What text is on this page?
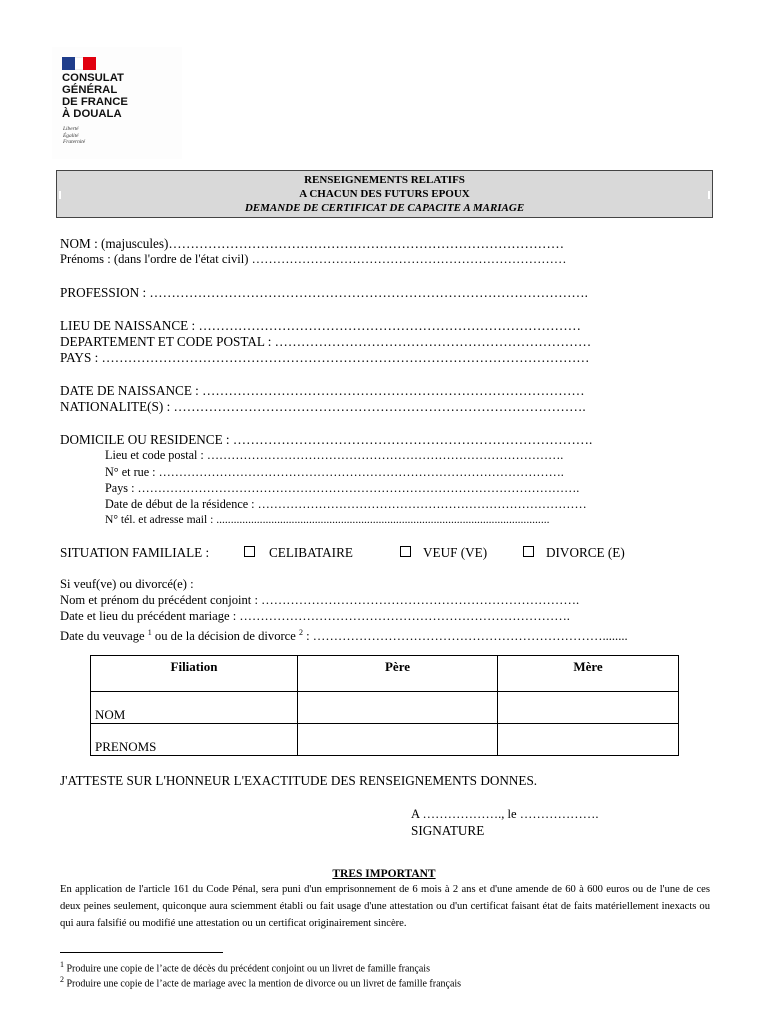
CONSULAT
GÉNÉRAL
DE FRANCE
À DOUALA
Liberté
Égalité
Fraternité
RENSEIGNEMENTS RELATIFS
A CHACUN DES FUTURS EPOUX
DEMANDE DE CERTIFICAT DE CAPACITE A MARIAGE
NOM : (majuscules)………………………………………………………………………………
Prénoms : (dans l'ordre de l'état civil) …………………………………………………………………
PROFESSION : ……………………………………………………………………………………….
LIEU DE NAISSANCE : ……………………………………………………………………………
DEPARTEMENT ET CODE POSTAL : ………………………………………………………………
PAYS : …………………………………………………………………………………………………
DATE DE NAISSANCE : ……………………………………………………………………………
NATIONALITE(S) : ………………………………………………………………………………….
DOMICILE OU RESIDENCE : ……………………………………………………………………….
Lieu et code postal : …………………………………………………………………………….
N° et rue : ……………………………………………………………………………………….
Pays : ……………………………………………………………………………………………….
Date de début de la résidence : ………………………………………………………………………
N° tél. et adresse mail : ...................................................................................................................
SITUATION FAMILIALE :	CELIBATAIRE	VEUF (VE)	DIVORCE (E)
Si veuf(ve) ou divorcé(e) :
Nom et prénom du précédent conjoint : ………………………………………………………………….
Date et lieu du précédent mariage : …………………………………………………………………….
Date du veuvage $^1$ ou de la décision de divorce $^2$ : ……………………………………………………………........
Filiation	Père	Mère
NOM		
PRENOMS		
J'ATTESTE SUR L'HONNEUR L'EXACTITUDE DES RENSEIGNEMENTS DONNES.
A ………………., le ……………….
SIGNATURE
TRES IMPORTANT
En application de l'article 161 du Code Pénal, sera puni d'un emprisonnement de 6 mois à 2 ans et d'une amende de 60 à 600 euros ou de l'une de ces deux peines seulement, quiconque aura sciemment établi ou fait usage d'une attestation ou d'un certificat faisant état de faits matériellement inexacts ou qui aura falsifié ou modifié une attestation ou un certificat originairement sincère.
$^1$ Produire une copie de l’acte de décès du précédent conjoint ou un livret de famille français
$^2$ Produire une copie de l’acte de mariage avec la mention de divorce ou un livret de famille français
